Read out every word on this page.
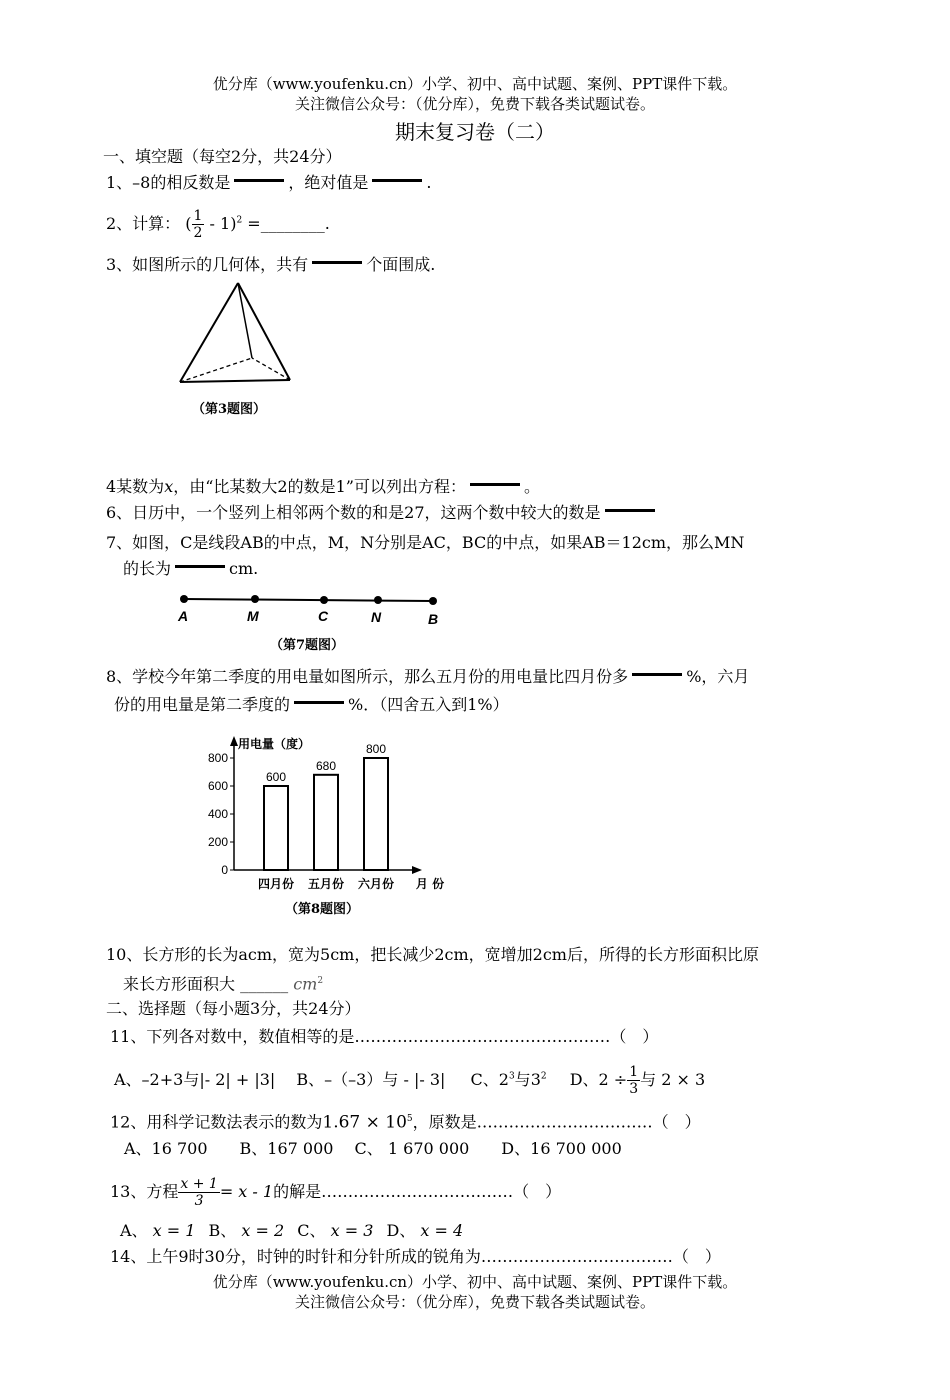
优分库（www.youfenku.cn）小学、初中、高中试题、案例、PPT课件下载。
关注微信公众号：（优分库），免费下载各类试题试卷。
期末复习卷（二）
一、填空题（每空2分，共24分）
1、–8的相反数是	，绝对值是	.
2、计算： ( $\frac{1}{2} - 1)^2$ =________.
3、如图所示的几何体，共有	个面围成.
（第3题图）
4某数为x，由“比某数大2的数是1”可以列出方程：	。
6、日历中，一个竖列上相邻两个数的和是27，这两个数中较大的数是
7、如图，C是线段AB的中点，M，N分别是AC，BC的中点，如果AB＝12cm，那么MN
的长为	cm.
A	M	C	N	B
（第7题图）
8、学校今年第二季度的用电量如图所示，那么五月份的用电量比四月份多	%，六月
份的用电量是第二季度的	%．（四舍五入到1%）
0
200
400
600
800
用电量（度）
600
四月份
680
五月份
800
六月份 月 份
（第8题图）
10、长方形的长为acm，宽为5cm，把长减少2cm，宽增加2cm后，所得的长方形面积比原
来长方形面积大 ______ $cm^2$
二、选择题（每小题3分，共24分）
11、下列各对数中，数值相等的是…………………………………………（　）
A、–2+3与|- 2| + |3| B、–（–3）与 - |- 3| C、$2^3$与$3^2$ D、$2 \div \frac{1}{3}$ 与 2 × 3
12、用科学记数法表示的数为$1.67 \times 10^5$，原数是……………………………（　）
A、16 700　　B、167 000　 C、 1 670 000　　D、16 700 000
13、方程 $\frac{x + 1}{3} = x - 1$的解是………………………………（　）
A、 x = 1 B、 x = 2 C、 x = 3 D、 x = 4
14、上午9时30分，时钟的时针和分针所成的锐角为………………………………（　）
优分库（www.youfenku.cn）小学、初中、高中试题、案例、PPT课件下载。
关注微信公众号：（优分库），免费下载各类试题试卷。
